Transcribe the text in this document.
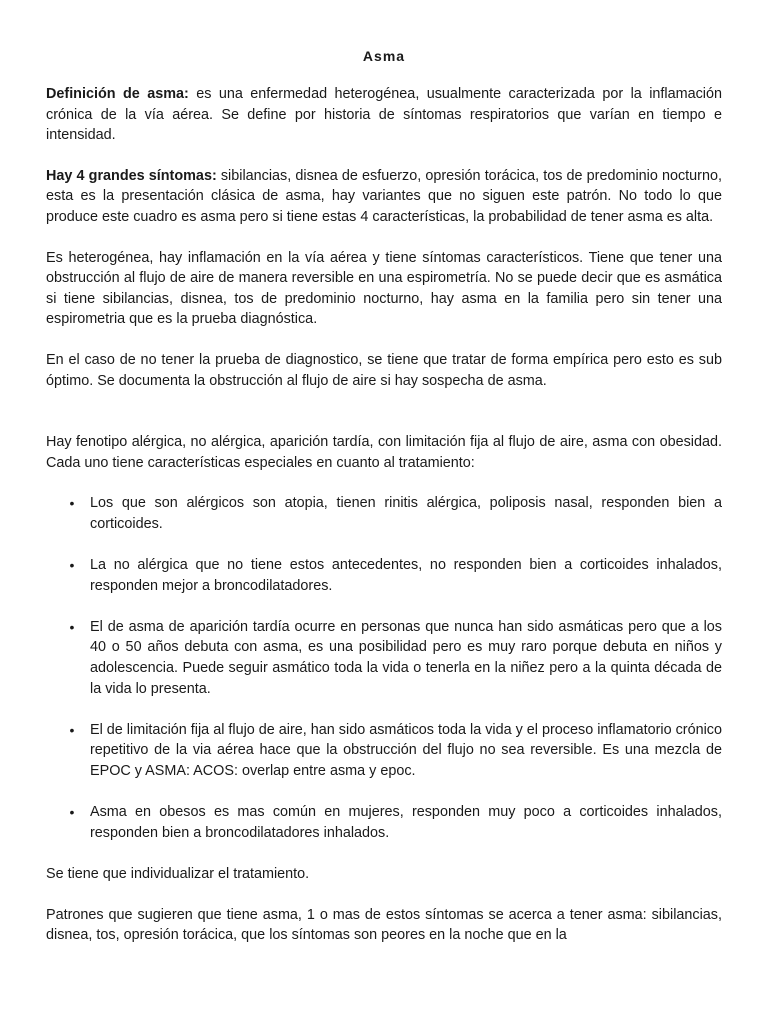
Asma

Definición de asma: es una enfermedad heterogénea, usualmente caracterizada por la inflamación crónica de la vía aérea. Se define por historia de síntomas respiratorios que varían en tiempo e intensidad.

Hay 4 grandes síntomas: sibilancias, disnea de esfuerzo, opresión torácica, tos de predominio nocturno, esta es la presentación clásica de asma, hay variantes que no siguen este patrón. No todo lo que produce este cuadro es asma pero si tiene estas 4 características, la probabilidad de tener asma es alta.

Es heterogénea, hay inflamación en la vía aérea y tiene síntomas característicos. Tiene que tener una obstrucción al flujo de aire de manera reversible en una espirometría. No se puede decir que es asmática si tiene sibilancias, disnea, tos de predominio nocturno, hay asma en la familia pero sin tener una espirometria que es la prueba diagnóstica.

En el caso de no tener la prueba de diagnostico, se tiene que tratar de forma empírica pero esto es sub óptimo. Se documenta la obstrucción al flujo de aire si hay sospecha de asma.

Hay fenotipo alérgica, no alérgica, aparición tardía, con limitación fija al flujo de aire, asma con obesidad. Cada uno tiene características especiales en cuanto al tratamiento:

• Los que son alérgicos son atopia, tienen rinitis alérgica, poliposis nasal, responden bien a corticoides.
• La no alérgica que no tiene estos antecedentes, no responden bien a corticoides inhalados, responden mejor a broncodilatadores.
• El de asma de aparición tardía ocurre en personas que nunca han sido asmáticas pero que a los 40 o 50 años debuta con asma, es una posibilidad pero es muy raro porque debuta en niños y adolescencia. Puede seguir asmático toda la vida o tenerla en la niñez pero a la quinta década de la vida lo presenta.
• El de limitación fija al flujo de aire, han sido asmáticos toda la vida y el proceso inflamatorio crónico repetitivo de la via aérea hace que la obstrucción del flujo no sea reversible. Es una mezcla de EPOC y ASMA: ACOS: overlap entre asma y epoc.
• Asma en obesos es mas común en mujeres, responden muy poco a corticoides inhalados, responden bien a broncodilatadores inhalados.

Se tiene que individualizar el tratamiento.

Patrones que sugieren que tiene asma, 1 o mas de estos síntomas se acerca a tener asma: sibilancias, disnea, tos, opresión torácica, que los síntomas son peores en la noche que en la
